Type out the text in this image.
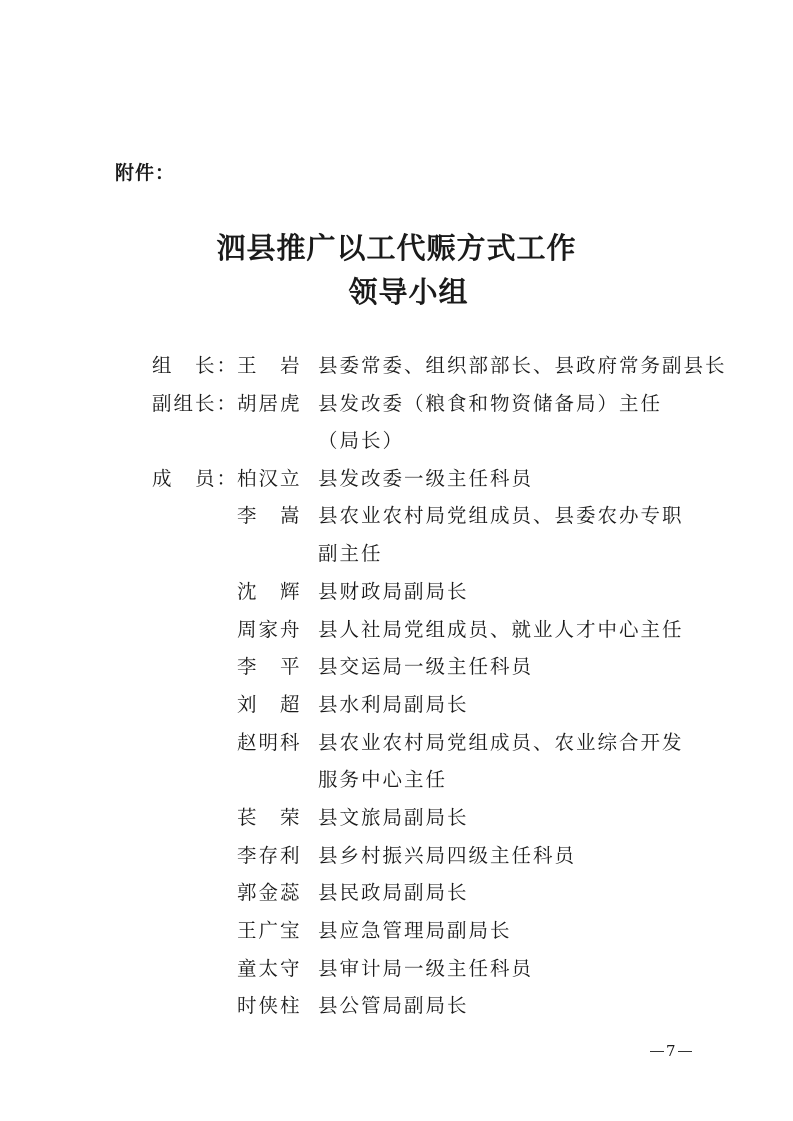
附件：
泗县推广以工代赈方式工作
领导小组
组　长：
王　岩 县委常委、组织部部长、县政府常务副县长
副组长：
胡居虎 县发改委（粮食和物资储备局）主任
（局长）
成　员：
柏汉立 县发改委一级主任科员
李　嵩 县农业农村局党组成员、县委农办专职
副主任
沈　辉 县财政局副局长
周家舟 县人社局党组成员、就业人才中心主任
李　平 县交运局一级主任科员
刘　超 县水利局副局长
赵明科 县农业农村局党组成员、农业综合开发
服务中心主任
苌　荣 县文旅局副局长
李存利 县乡村振兴局四级主任科员
郭金蕊 县民政局副局长
王广宝 县应急管理局副局长
童太守 县审计局一级主任科员
时侠柱 县公管局副局长
7
